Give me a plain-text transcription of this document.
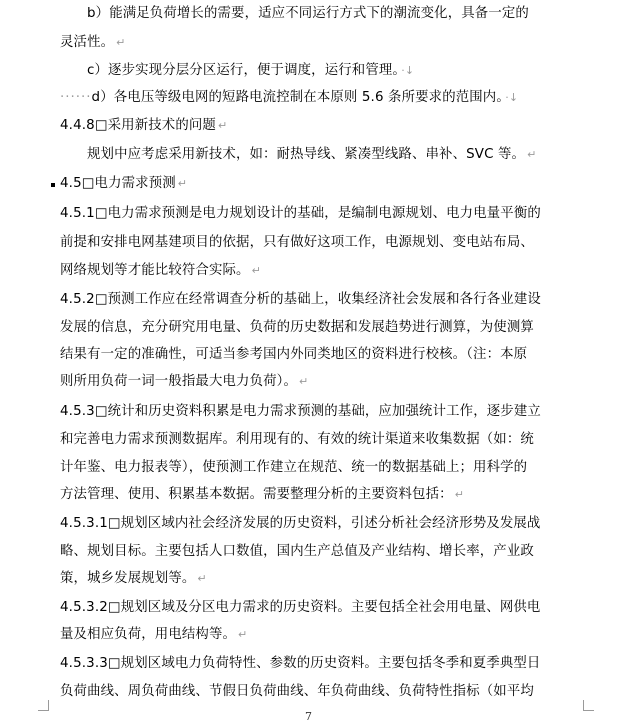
b）能满足负荷增长的需要，适应不同运行方式下的潮流变化，具备一定的
灵活性。 ↵
c）逐步实现分层分区运行，便于调度，运行和管理。 ·↓
······d）各电压等级电网的短路电流控制在本原则 5.6 条所要求的范围内。 ·↓
4.4.8□采用新技术的问题 ↵
规划中应考虑采用新技术，如：耐热导线、紧凑型线路、串补、SVC 等。 ↵
4.5□电力需求预测 ↵
4.5.1□电力需求预测是电力规划设计的基础，是编制电源规划、电力电量平衡的
前提和安排电网基建项目的依据，只有做好这项工作，电源规划、变电站布局、
网络规划等才能比较符合实际。 ↵
4.5.2□预测工作应在经常调查分析的基础上，收集经济社会发展和各行各业建设
发展的信息，充分研究用电量、负荷的历史数据和发展趋势进行测算，为使测算
结果有一定的准确性，可适当参考国内外同类地区的资料进行校核。（注：本原
则所用负荷一词一般指最大电力负荷）。 ↵
4.5.3□统计和历史资料积累是电力需求预测的基础，应加强统计工作，逐步建立
和完善电力需求预测数据库。利用现有的、有效的统计渠道来收集数据（如：统
计年鉴、电力报表等），使预测工作建立在规范、统一的数据基础上；用科学的
方法管理、使用、积累基本数据。需要整理分析的主要资料包括： ↵
4.5.3.1□规划区域内社会经济发展的历史资料，引述分析社会经济形势及发展战
略、规划目标。主要包括人口数值，国内生产总值及产业结构、增长率，产业政
策，城乡发展规划等。 ↵
4.5.3.2□规划区域及分区电力需求的历史资料。主要包括全社会用电量、网供电
量及相应负荷，用电结构等。 ↵
4.5.3.3□规划区域电力负荷特性、参数的历史资料。主要包括冬季和夏季典型日
负荷曲线、周负荷曲线、节假日负荷曲线、年负荷曲线、负荷特性指标（如平均
7
